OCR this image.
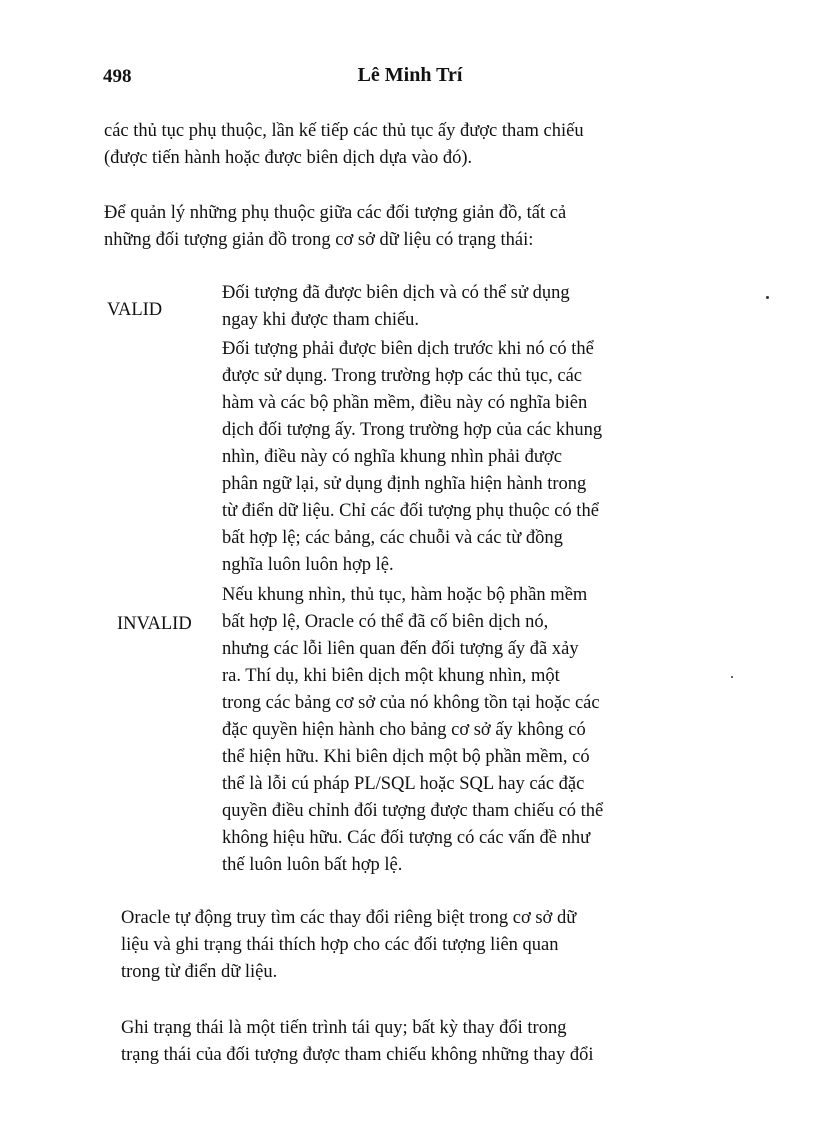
498	Lê Minh Trí
các thủ tục phụ thuộc, lần kế tiếp các thủ tục ấy được tham chiếu
(được tiến hành hoặc được biên dịch dựa vào đó).
Để quản lý những phụ thuộc giữa các đối tượng giản đồ, tất cả
những đối tượng giản đồ trong cơ sở dữ liệu có trạng thái:
VALID
Đối tượng đã được biên dịch và có thể sử dụng
ngay khi được tham chiếu.
Đối tượng phải được biên dịch trước khi nó có thể
được sử dụng. Trong trường hợp các thủ tục, các
hàm và các bộ phần mềm, điều này có nghĩa biên
dịch đối tượng ấy. Trong trường hợp của các khung
nhìn, điều này có nghĩa khung nhìn phải được
phân ngữ lại, sử dụng định nghĩa hiện hành trong
từ điển dữ liệu. Chỉ các đối tượng phụ thuộc có thể
bất hợp lệ; các bảng, các chuỗi và các từ đồng
nghĩa luôn luôn hợp lệ.
INVALID
Nếu khung nhìn, thủ tục, hàm hoặc bộ phần mềm
bất hợp lệ, Oracle có thể đã cố biên dịch nó,
nhưng các lỗi liên quan đến đối tượng ấy đã xảy
ra. Thí dụ, khi biên dịch một khung nhìn, một
trong các bảng cơ sở của nó không tồn tại hoặc các
đặc quyền hiện hành cho bảng cơ sở ấy không có
thể hiện hữu. Khi biên dịch một bộ phần mềm, có
thể là lỗi cú pháp PL/SQL hoặc SQL hay các đặc
quyền điều chỉnh đối tượng được tham chiếu có thể
không hiệu hữu. Các đối tượng có các vấn đề như
thế luôn luôn bất hợp lệ.
Oracle tự động truy tìm các thay đổi riêng biệt trong cơ sở dữ
liệu và ghi trạng thái thích hợp cho các đối tượng liên quan
trong từ điển dữ liệu.
Ghi trạng thái là một tiến trình tái quy; bất kỳ thay đổi trong
trạng thái của đối tượng được tham chiếu không những thay đổi
